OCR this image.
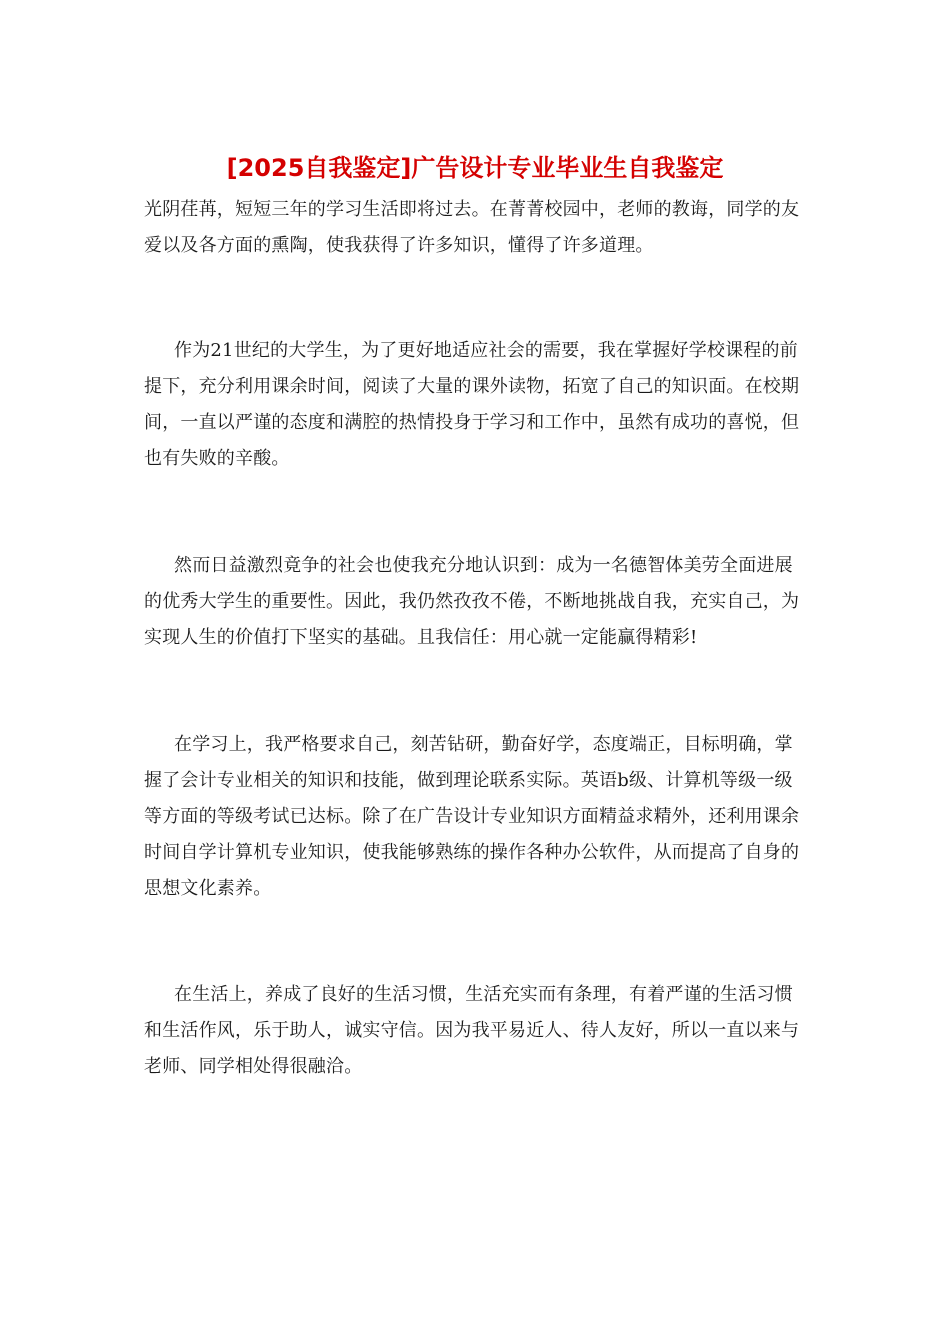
[2025自我鉴定]广告设计专业毕业生自我鉴定

光阴荏苒，短短三年的学习生活即将过去。在菁菁校园中，老师的教诲，同学的友爱以及各方面的熏陶，使我获得了许多知识，懂得了许多道理。

作为21世纪的大学生，为了更好地适应社会的需要，我在掌握好学校课程的前提下，充分利用课余时间，阅读了大量的课外读物，拓宽了自己的知识面。在校期间，一直以严谨的态度和满腔的热情投身于学习和工作中，虽然有成功的喜悦，但也有失败的辛酸。

然而日益激烈竟争的社会也使我充分地认识到：成为一名德智体美劳全面进展的优秀大学生的重要性。因此，我仍然孜孜不倦，不断地挑战自我，充实自己，为实现人生的价值打下坚实的基础。且我信任：用心就一定能赢得精彩!

在学习上，我严格要求自己，刻苦钻研，勤奋好学，态度端正，目标明确，掌握了会计专业相关的知识和技能，做到理论联系实际。英语b级、计算机等级一级等方面的等级考试已达标。除了在广告设计专业知识方面精益求精外，还利用课余时间自学计算机专业知识，使我能够熟练的操作各种办公软件，从而提高了自身的思想文化素养。

在生活上，养成了良好的生活习惯，生活充实而有条理，有着严谨的生活习惯和生活作风，乐于助人，诚实守信。因为我平易近人、待人友好，所以一直以来与老师、同学相处得很融洽。
